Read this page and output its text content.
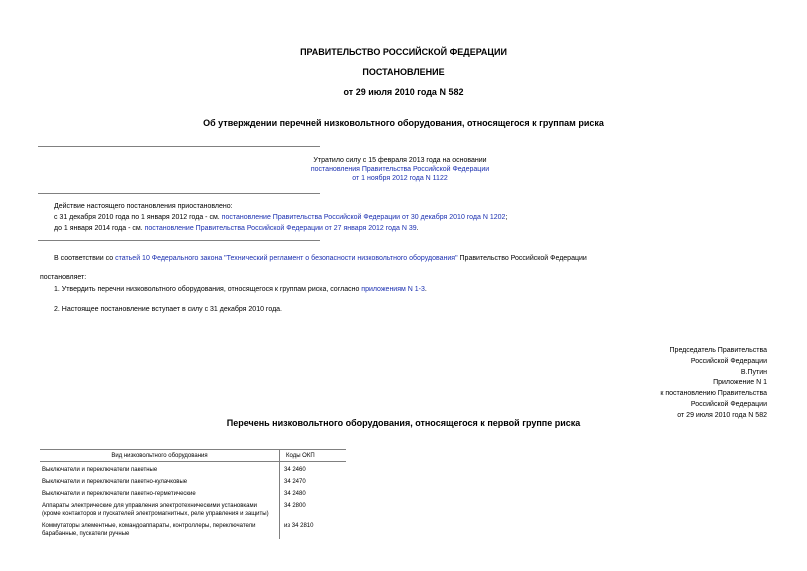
ПРАВИТЕЛЬСТВО РОССИЙСКОЙ ФЕДЕРАЦИИ
ПОСТАНОВЛЕНИЕ
от 29 июля 2010 года N 582
Об утверждении перечней низковольтного оборудования, относящегося к группам риска
Утратило силу с 15 февраля 2013 года на основании
постановления Правительства Российской Федерации
от 1 ноября 2012 года N 1122
Действие настоящего постановления приостановлено:
с 31 декабря 2010 года по 1 января 2012 года - см. постановление Правительства Российской Федерации от 30 декабря 2010 года N 1202;
до 1 января 2014 года - см. постановление Правительства Российской Федерации от 27 января 2012 года N 39.
В соответствии со статьей 10 Федерального закона "Технический регламент о безопасности низковольтного оборудования" Правительство Российской Федерации
постановляет:
1. Утвердить перечни низковольтного оборудования, относящегося к группам риска, согласно приложениям N 1-3.
2. Настоящее постановление вступает в силу с 31 декабря 2010 года.
Председатель Правительства
Российской Федерации
В.Путин
Приложение N 1
к постановлению Правительства
Российской Федерации
от 29 июля 2010 года N 582
Перечень низковольтного оборудования, относящегося к первой группе риска
Вид низковольтного оборудования	Коды ОКП
Выключатели и переключатели пакетные	34 2460
Выключатели и переключатели пакетно-кулачковые	34 2470
Выключатели и переключатели пакетно-герметические	34 2480
Аппараты электрические для управления электротехническими установками (кроме контакторов и пускателей электромагнитных, реле управления и защиты)	34 2800
Коммутаторы элементные, командоаппараты, контроллеры, переключатели барабанные, пускатели ручные	из 34 2810
